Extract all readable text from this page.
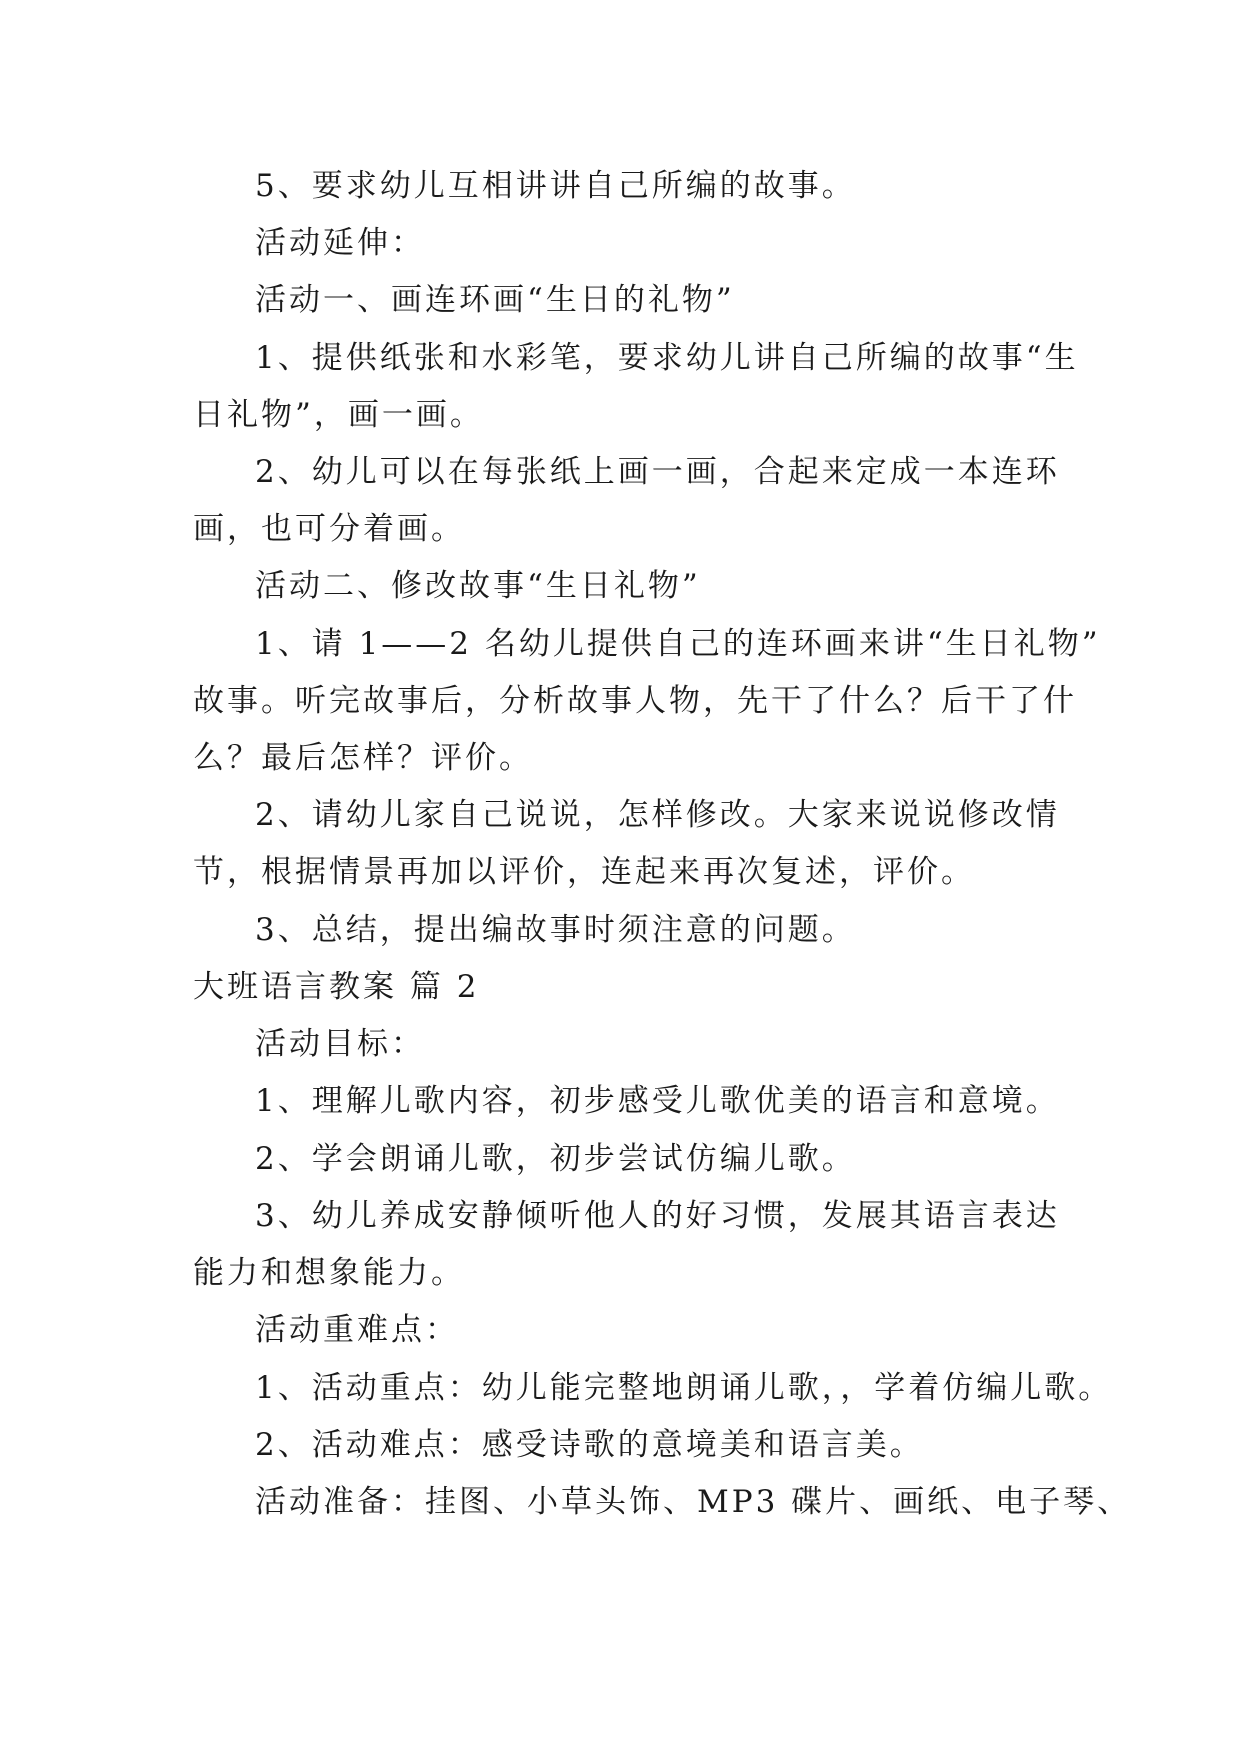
5、要求幼儿互相讲讲自己所编的故事。
活动延伸：
活动一、画连环画“生日的礼物”
1、提供纸张和水彩笔，要求幼儿讲自己所编的故事“生
日礼物”，画一画。
2、幼儿可以在每张纸上画一画，合起来定成一本连环
画，也可分着画。
活动二、修改故事“生日礼物”
1、请 1——2 名幼儿提供自己的连环画来讲“生日礼物”
故事。听完故事后，分析故事人物，先干了什么？后干了什
么？最后怎样？评价。
2、请幼儿家自己说说，怎样修改。大家来说说修改情
节，根据情景再加以评价，连起来再次复述，评价。
3、总结，提出编故事时须注意的问题。
大班语言教案 篇 2
活动目标：
1、理解儿歌内容，初步感受儿歌优美的语言和意境。
2、学会朗诵儿歌，初步尝试仿编儿歌。
3、幼儿养成安静倾听他人的好习惯，发展其语言表达
能力和想象能力。
活动重难点：
1、活动重点：幼儿能完整地朗诵儿歌，，学着仿编儿歌。
2、活动难点：感受诗歌的意境美和语言美。
活动准备：挂图、小草头饰、MP3 碟片、画纸、电子琴、
